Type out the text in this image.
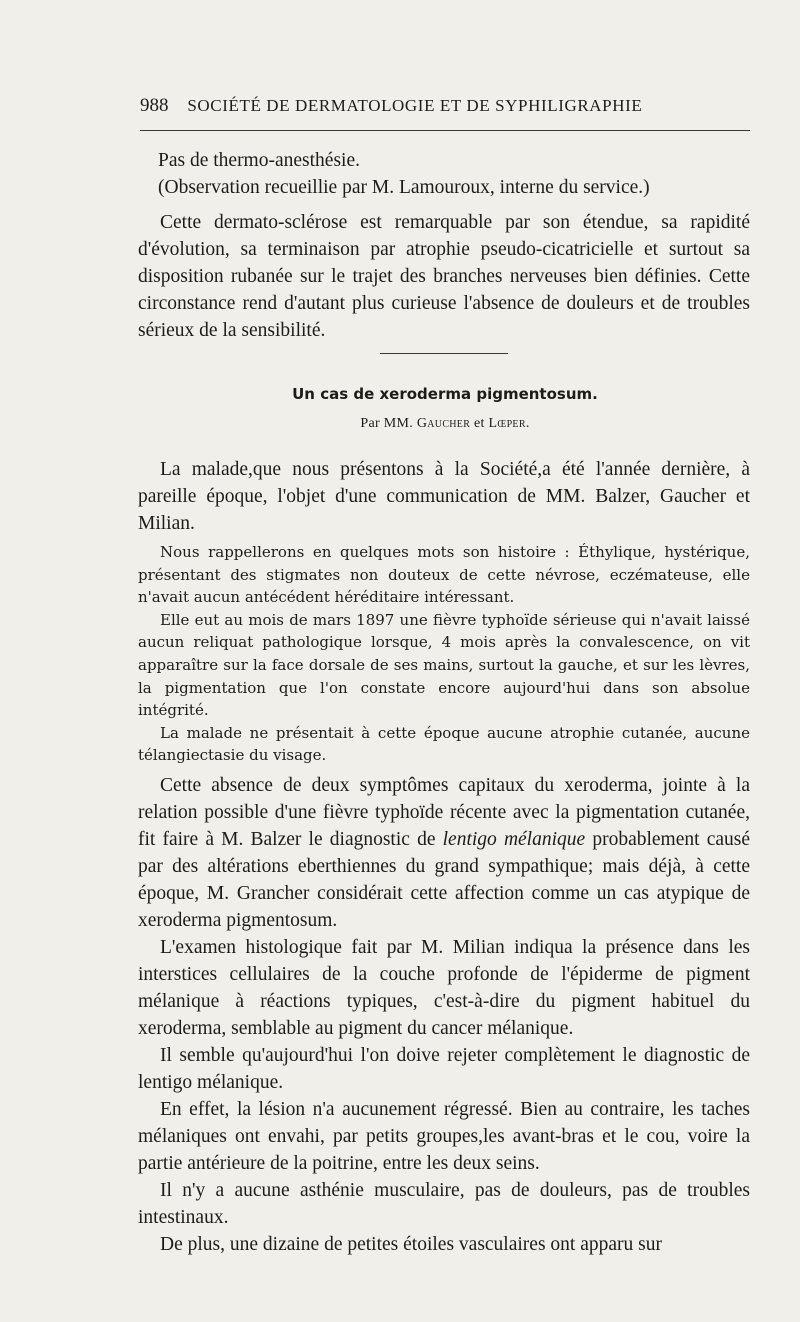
988 SOCIÉTÉ DE DERMATOLOGIE ET DE SYPHILIGRAPHIE

Pas de thermo-anesthésie.

(Observation recueillie par M. Lamouroux, interne du service.)

Cette dermato-sclérose est remarquable par son étendue, sa rapidité d'évolution, sa terminaison par atrophie pseudo-cicatricielle et surtout sa disposition rubanée sur le trajet des branches nerveuses bien définies. Cette circonstance rend d'autant plus curieuse l'absence de douleurs et de troubles sérieux de la sensibilité.

Un cas de xeroderma pigmentosum.
Par MM. Gaucher et Lœper.

La malade,que nous présentons à la Société,a été l'année dernière, à pareille époque, l'objet d'une communication de MM. Balzer, Gaucher et Milian.

Nous rappellerons en quelques mots son histoire : Éthylique, hystérique, présentant des stigmates non douteux de cette névrose, eczémateuse, elle n'avait aucun antécédent héréditaire intéressant.

Elle eut au mois de mars 1897 une fièvre typhoïde sérieuse qui n'avait laissé aucun reliquat pathologique lorsque, 4 mois après la convalescence, on vit apparaître sur la face dorsale de ses mains, surtout la gauche, et sur les lèvres, la pigmentation que l'on constate encore aujourd'hui dans son absolue intégrité.

La malade ne présentait à cette époque aucune atrophie cutanée, aucune télangiectasie du visage.

Cette absence de deux symptômes capitaux du xeroderma, jointe à la relation possible d'une fièvre typhoïde récente avec la pigmentation cutanée, fit faire à M. Balzer le diagnostic de lentigo mélanique probablement causé par des altérations eberthiennes du grand sympathique; mais déjà, à cette époque, M. Grancher considérait cette affection comme un cas atypique de xeroderma pigmentosum.

L'examen histologique fait par M. Milian indiqua la présence dans les interstices cellulaires de la couche profonde de l'épiderme de pigment mélanique à réactions typiques, c'est-à-dire du pigment habituel du xeroderma, semblable au pigment du cancer mélanique.

Il semble qu'aujourd'hui l'on doive rejeter complètement le diagnostic de lentigo mélanique.

En effet, la lésion n'a aucunement régressé. Bien au contraire, les taches mélaniques ont envahi, par petits groupes,les avant-bras et le cou, voire la partie antérieure de la poitrine, entre les deux seins.

Il n'y a aucune asthénie musculaire, pas de douleurs, pas de troubles intestinaux.

De plus, une dizaine de petites étoiles vasculaires ont apparu sur
